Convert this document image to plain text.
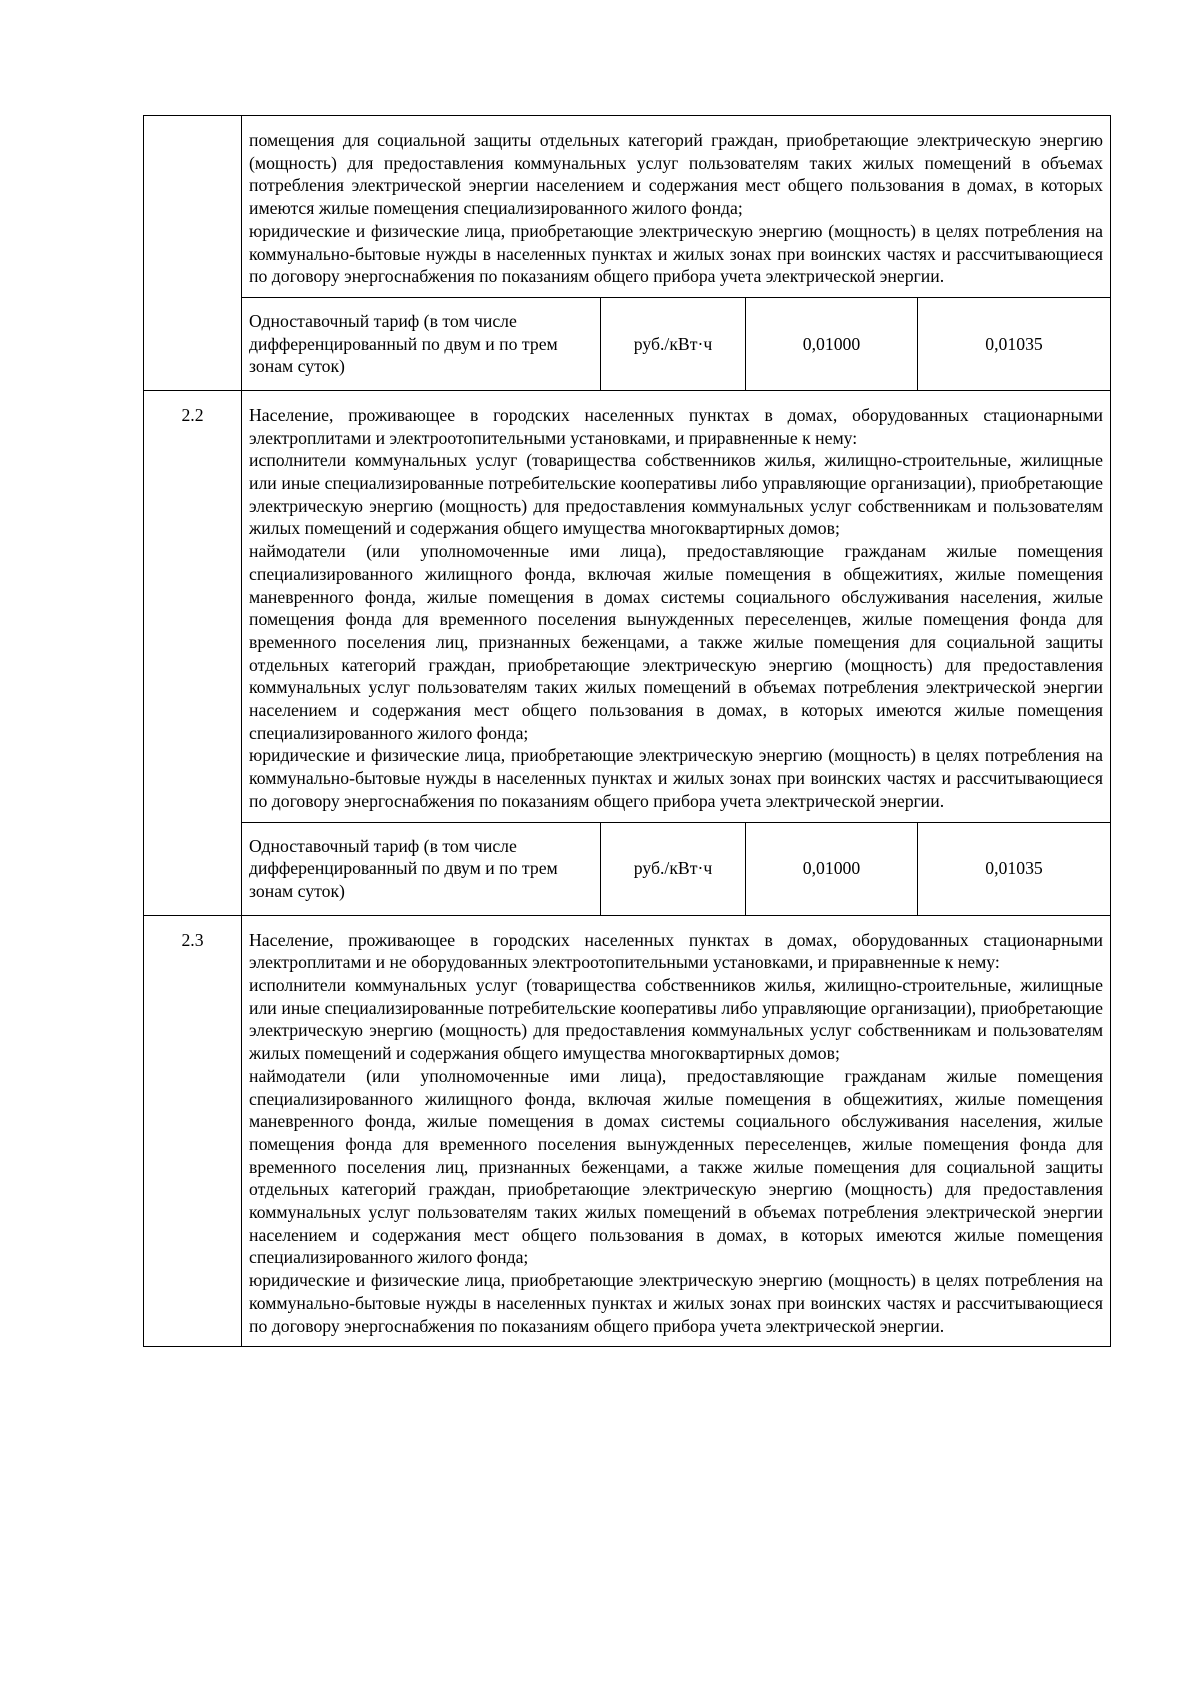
	помещения для социальной защиты отдельных категорий граждан, приобретающие электрическую энергию (мощность) для предоставления коммунальных услуг пользователям таких жилых помещений в объемах потребления электрической энергии населением и содержания мест общего пользования в домах, в которых имеются жилые помещения специализированного жилого фонда;

юридические и физические лица, приобретающие электрическую энергию (мощность) в целях потребления на коммунально-бытовые нужды в населенных пунктах и жилых зонах при воинских частях и рассчитывающиеся по договору энергоснабжения по показаниям общего прибора учета электрической энергии.			

	Одноставочный тариф (в том числе дифференцированный по двум и по трем зонам суток)	руб./кВт·ч	0,01000	0,01035
2.2	Население, проживающее в городских населенных пунктах в домах, оборудованных стационарными электроплитами и электроотопительными установками, и приравненные к нему:

исполнители коммунальных услуг (товарищества собственников жилья, жилищно-строительные, жилищные или иные специализированные потребительские кооперативы либо управляющие организации), приобретающие электрическую энергию (мощность) для предоставления коммунальных услуг собственникам и пользователям жилых помещений и содержания общего имущества многоквартирных домов;

наймодатели (или уполномоченные ими лица), предоставляющие гражданам жилые помещения специализированного жилищного фонда, включая жилые помещения в общежитиях, жилые помещения маневренного фонда, жилые помещения в домах системы социального обслуживания населения, жилые помещения фонда для временного поселения вынужденных переселенцев, жилые помещения фонда для временного поселения лиц, признанных беженцами, а также жилые помещения для социальной защиты отдельных категорий граждан, приобретающие электрическую энергию (мощность) для предоставления коммунальных услуг пользователям таких жилых помещений в объемах потребления электрической энергии населением и содержания мест общего пользования в домах, в которых имеются жилые помещения специализированного жилого фонда;

юридические и физические лица, приобретающие электрическую энергию (мощность) в целях потребления на коммунально-бытовые нужды в населенных пунктах и жилых зонах при воинских частях и рассчитывающиеся по договору энергоснабжения по показаниям общего прибора учета электрической энергии.			

	Одноставочный тариф (в том числе дифференцированный по двум и по трем зонам суток)	руб./кВт·ч	0,01000	0,01035
2.3	Население, проживающее в городских населенных пунктах в домах, оборудованных стационарными электроплитами и не оборудованных электроотопительными установками, и приравненные к нему:

исполнители коммунальных услуг (товарищества собственников жилья, жилищно-строительные, жилищные или иные специализированные потребительские кооперативы либо управляющие организации), приобретающие электрическую энергию (мощность) для предоставления коммунальных услуг собственникам и пользователям жилых помещений и содержания общего имущества многоквартирных домов;

наймодатели (или уполномоченные ими лица), предоставляющие гражданам жилые помещения специализированного жилищного фонда, включая жилые помещения в общежитиях, жилые помещения маневренного фонда, жилые помещения в домах системы социального обслуживания населения, жилые помещения фонда для временного поселения вынужденных переселенцев, жилые помещения фонда для временного поселения лиц, признанных беженцами, а также жилые помещения для социальной защиты отдельных категорий граждан, приобретающие электрическую энергию (мощность) для предоставления коммунальных услуг пользователям таких жилых помещений в объемах потребления электрической энергии населением и содержания мест общего пользования в домах, в которых имеются жилые помещения специализированного жилого фонда;

юридические и физические лица, приобретающие электрическую энергию (мощность) в целях потребления на коммунально-бытовые нужды в населенных пунктах и жилых зонах при воинских частях и рассчитывающиеся по договору энергоснабжения по показаниям общего прибора учета электрической энергии.			
